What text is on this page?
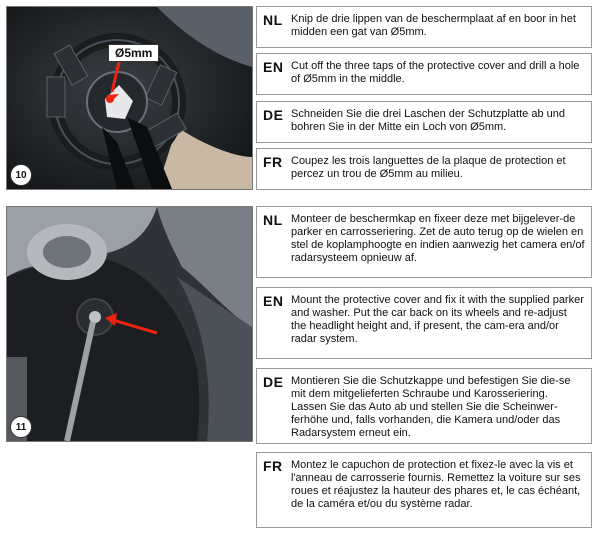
Ø5mm
10
11
NL Knip de drie lippen van de beschermplaat af en boor in het midden een gat van Ø5mm.
EN Cut off the three taps of the protective cover and drill a hole of Ø5mm in the middle.
DE Schneiden Sie die drei Laschen der Schutzplatte ab und bohren Sie in der Mitte ein Loch von Ø5mm.
FR Coupez les trois languettes de la plaque de protection et percez un trou de Ø5mm au milieu.
NL Monteer de beschermkap en fixeer deze met bijgelever-de parker en carrosseriering. Zet de auto terug op de wielen en stel de koplamphoogte en indien aanwezig het camera en/of radarsysteem opnieuw af.
EN Mount the protective cover and fix it with the supplied parker and washer. Put the car back on its wheels and re-adjust the headlight height and, if present, the cam-era and/or radar system.
DE Montieren Sie die Schutzkappe und befestigen Sie die-se mit dem mitgelieferten Schraube und Karosseriering. Lassen Sie das Auto ab und stellen Sie die Scheinwer-ferhöhe und, falls vorhanden, die Kamera und/oder das Radarsystem erneut ein.
FR Montez le capuchon de protection et fixez-le avec la vis et l'anneau de carrosserie fournis. Remettez la voiture sur ses roues et réajustez la hauteur des phares et, le cas échéant, de la caméra et/ou du système radar.
